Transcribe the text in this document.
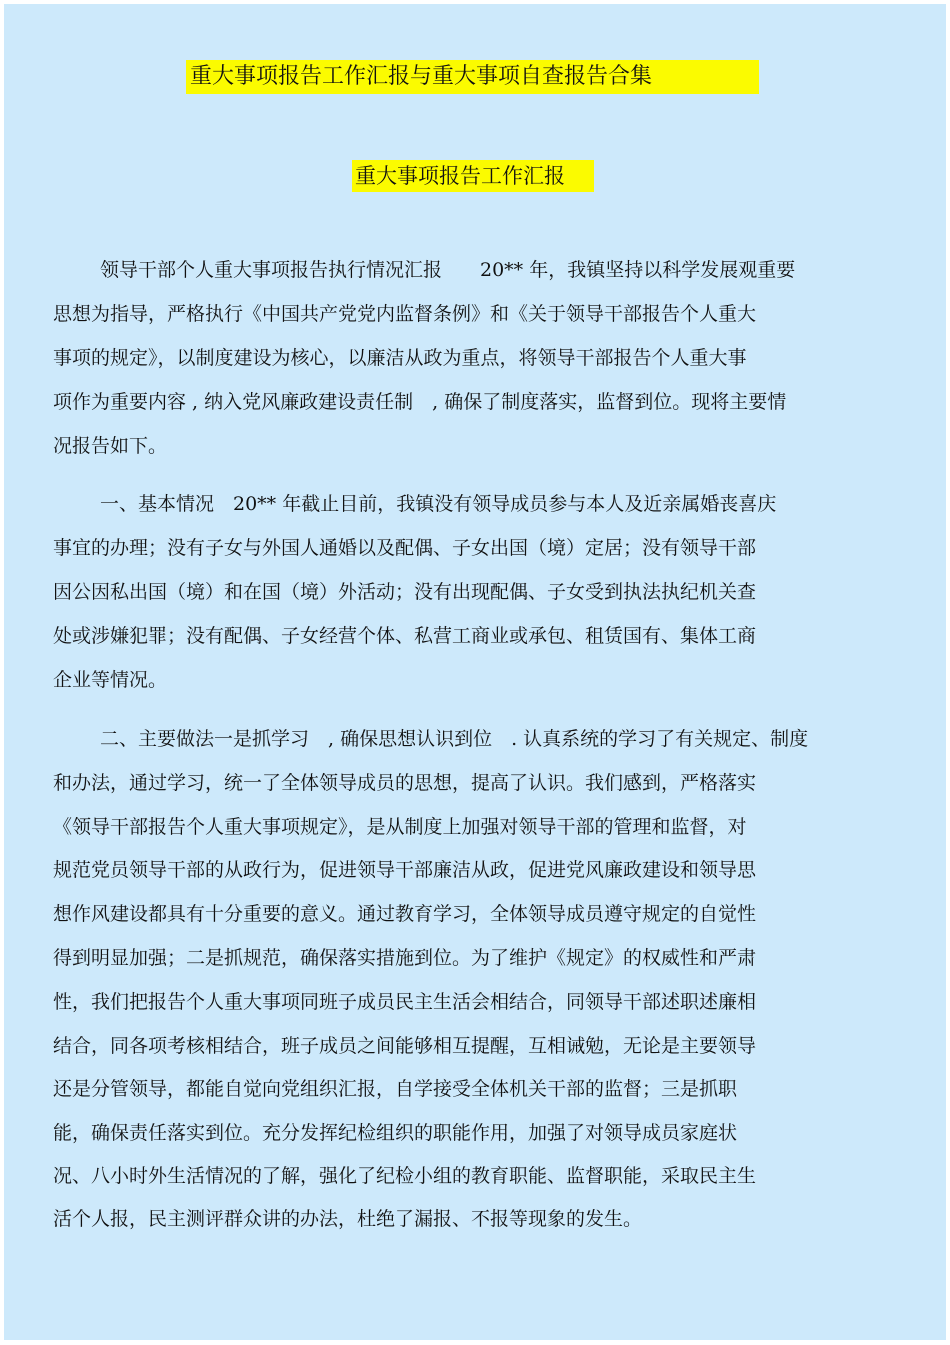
重大事项报告工作汇报与重大事项自查报告合集
重大事项报告工作汇报
领导干部个人重大事项报告执行情况汇报　　20** 年，我镇坚持以科学发展观重要
思想为指导，严格执行《中国共产党党内监督条例》和《关于领导干部报告个人重大
事项的规定》，以制度建设为核心，以廉洁从政为重点，将领导干部报告个人重大事
项作为重要内容 , 纳入党风廉政建设责任制　, 确保了制度落实，监督到位。现将主要情
况报告如下。
一、基本情况　20** 年截止目前，我镇没有领导成员参与本人及近亲属婚丧喜庆
事宜的办理；没有子女与外国人通婚以及配偶、子女出国（境）定居；没有领导干部
因公因私出国（境）和在国（境）外活动；没有出现配偶、子女受到执法执纪机关查
处或涉嫌犯罪；没有配偶、子女经营个体、私营工商业或承包、租赁国有、集体工商
企业等情况。
二、主要做法一是抓学习　, 确保思想认识到位　. 认真系统的学习了有关规定、制度
和办法，通过学习，统一了全体领导成员的思想，提高了认识。我们感到，严格落实
《领导干部报告个人重大事项规定》，是从制度上加强对领导干部的管理和监督，对
规范党员领导干部的从政行为，促进领导干部廉洁从政，促进党风廉政建设和领导思
想作风建设都具有十分重要的意义。通过教育学习，全体领导成员遵守规定的自觉性
得到明显加强；二是抓规范，确保落实措施到位。为了维护《规定》的权威性和严肃
性，我们把报告个人重大事项同班子成员民主生活会相结合，同领导干部述职述廉相
结合，同各项考核相结合，班子成员之间能够相互提醒，互相诫勉，无论是主要领导
还是分管领导，都能自觉向党组织汇报，自学接受全体机关干部的监督；三是抓职
能，确保责任落实到位。充分发挥纪检组织的职能作用，加强了对领导成员家庭状
况、八小时外生活情况的了解，强化了纪检小组的教育职能、监督职能，采取民主生
活个人报，民主测评群众讲的办法，杜绝了漏报、不报等现象的发生。
